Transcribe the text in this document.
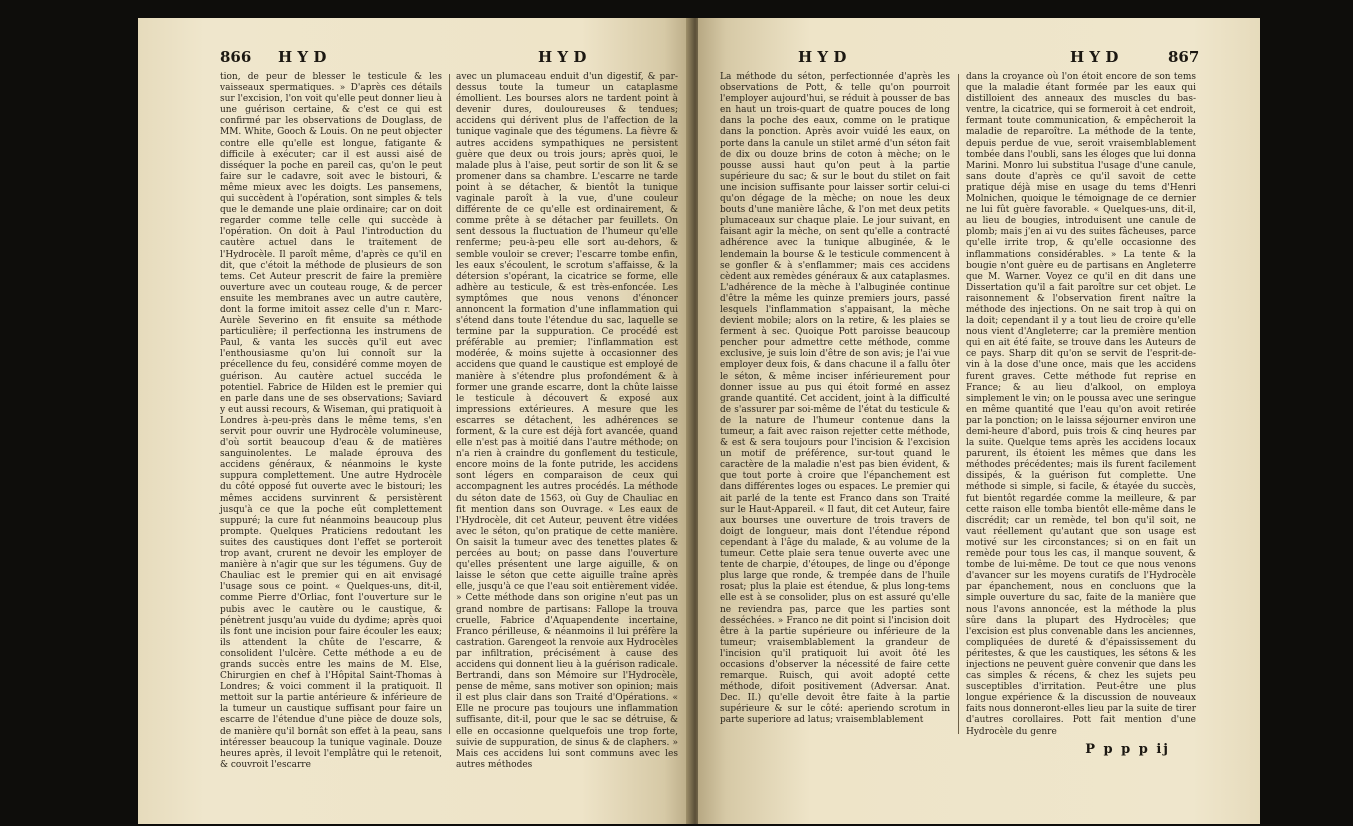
866 H Y D	H Y D
tion, de peur de blesser le testicule & les vaisseaux spermatiques. » D'après ces détails sur l'excision, l'on voit qu'elle peut donner lieu à une guérison certaine, & c'est ce qui est confirmé par les observations de Douglass, de MM. White, Gooch & Louis. On ne peut objecter contre elle qu'elle est longue, fatigante & difficile à exécuter; car il est aussi aisé de disséquer la poche en pareil cas, qu'on le peut faire sur le cadavre, soit avec le bistouri, & même mieux avec les doigts. Les pansemens, qui succèdent à l'opération, sont simples & tels que le demande une plaie ordinaire; car on doit regarder comme telle celle qui succède à l'opération. On doit à Paul l'introduction du cautère actuel dans le traitement de l'Hydrocèle. Il paroît même, d'après ce qu'il en dit, que c'étoit la méthode de plusieurs de son tems. Cet Auteur prescrit de faire la première ouverture avec un couteau rouge, & de percer ensuite les membranes avec un autre cautère, dont la forme imitoit assez celle d'un r. Marc-Aurèle Severino en fit ensuite sa méthode particulière; il perfectionna les instrumens de Paul, & vanta les succès qu'il eut avec l'enthousiasme qu'on lui connoît sur la précellence du feu, considéré comme moyen de guérison. Au cautère actuel succéda le potentiel. Fabrice de Hilden est le premier qui en parle dans une de ses observations; Saviard y eut aussi recours, & Wiseman, qui pratiquoit à Londres à-peu-près dans le même tems, s'en servit pour ouvrir une Hydrocèle volumineuse, d'où sortit beaucoup d'eau & de matières sanguinolentes. Le malade éprouva des accidens généraux, & néanmoins le kyste suppura complettement. Une autre Hydrocèle du côté opposé fut ouverte avec le bistouri; les mêmes accidens survinrent & persistèrent jusqu'à ce que la poche eût complettement suppuré; la cure fut néanmoins beaucoup plus prompte. Quelques Praticiens redoutant les suites des caustiques dont l'effet se porteroit trop avant, crurent ne devoir les employer de manière à n'agir que sur les tégumens. Guy de Chauliac est le premier qui en ait envisagé l'usage sous ce point. « Quelques-uns, dit-il, comme Pierre d'Orliac, font l'ouverture sur le pubis avec le cautère ou le caustique, & pénètrent jusqu'au vuide du dydime; après quoi ils font une incision pour faire écouler les eaux; ils attendent la chûte de l'escarre, & consolident l'ulcère. Cette méthode a eu de grands succès entre les mains de M. Else, Chirurgien en chef à l'Hôpital Saint-Thomas à Londres; & voici comment il la pratiquoit. Il mettoit sur la partie antérieure & inférieure de la tumeur un caustique suffisant pour faire un escarre de l'étendue d'une pièce de douze sols, de manière qu'il bornât son effet à la peau, sans intéresser beaucoup la tunique vaginale. Douze heures après, il levoit l'emplâtre qui le retenoit, & couvroit l'escarre
avec un plumaceau enduit d'un digestif, & par-dessus toute la tumeur un cataplasme émollient. Les bourses alors ne tardent point à devenir dures, douloureuses & tendues; accidens qui dérivent plus de l'affection de la tunique vaginale que des tégumens. La fièvre & autres accidens sympathiques ne persistent guère que deux ou trois jours; après quoi, le malade plus à l'aise, peut sortir de son lit & se promener dans sa chambre. L'escarre ne tarde point à se détacher, & bientôt la tunique vaginale paroît à la vue, d'une couleur différente de ce qu'elle est ordinairement, & comme prête à se détacher par feuillets. On sent dessous la fluctuation de l'humeur qu'elle renferme; peu-à-peu elle sort au-dehors, & semble vouloir se crever; l'escarre tombe enfin, les eaux s'écoulent, le scrotum s'affaisse, & la détersion s'opérant, la cicatrice se forme, elle adhère au testicule, & est très-enfoncée. Les symptômes que nous venons d'énoncer annoncent la formation d'une inflammation qui s'étend dans toute l'étendue du sac, laquelle se termine par la suppuration. Ce procédé est préférable au premier; l'inflammation est modérée, & moins sujette à occasionner des accidens que quand le caustique est employé de manière à s'étendre plus profondément & à former une grande escarre, dont la chûte laisse le testicule à découvert & exposé aux impressions extérieures. A mesure que les escarres se détachent, les adhérences se forment, & la cure est déjà fort avancée, quand elle n'est pas à moitié dans l'autre méthode; on n'a rien à craindre du gonflement du testicule, encore moins de la fonte putride, les accidens sont légers en comparaison de ceux qui accompagnent les autres procédés. La méthode du séton date de 1563, où Guy de Chauliac en fit mention dans son Ouvrage. « Les eaux de l'Hydrocèle, dit cet Auteur, peuvent être vidées avec le séton, qu'on pratique de cette manière. On saisit la tumeur avec des tenettes plates & percées au bout; on passe dans l'ouverture qu'elles présentent une large aiguille, & on laisse le séton que cette aiguille traîne après elle, jusqu'à ce que l'eau soit entièrement vidée. » Cette méthode dans son origine n'eut pas un grand nombre de partisans: Fallope la trouva cruelle, Fabrice d'Aquapendente incertaine, Franco périlleuse, & néanmoins il lui préfère la castration. Garengeot la renvoie aux Hydrocèles par infiltration, précisément à cause des accidens qui donnent lieu à la guérison radicale. Bertrandi, dans son Mémoire sur l'Hydrocèle, pense de même, sans motiver son opinion; mais il est plus clair dans son Traité d'Opérations. « Elle ne procure pas toujours une inflammation suffisante, dit-il, pour que le sac se détruise, & elle en occasionne quelquefois une trop forte, suivie de suppuration, de sinus & de claphers. » Mais ces accidens lui sont communs avec les autres méthodes
H Y D	H Y D	867
La méthode du séton, perfectionnée d'après les observations de Pott, & telle qu'on pourroit l'employer aujourd'hui, se réduit à pousser de bas en haut un trois-quart de quatre pouces de long dans la poche des eaux, comme on le pratique dans la ponction. Après avoir vuidé les eaux, on porte dans la canule un stilet armé d'un séton fait de dix ou douze brins de coton à mèche; on le pousse aussi haut qu'on peut à la partie supérieure du sac; & sur le bout du stilet on fait une incision suffisante pour laisser sortir celui-ci qu'on dégage de la mèche; on noue les deux bouts d'une manière lâche, & l'on met deux petits plumaceaux sur chaque plaie. Le jour suivant, en faisant agir la mèche, on sent qu'elle a contracté adhérence avec la tunique albuginée, & le lendemain la bourse & le testicule commencent à se gonfler & à s'enflammer; mais ces accidens cèdent aux remèdes généraux & aux cataplasmes. L'adhérence de la mèche à l'albuginée continue d'être la même les quinze premiers jours, passé lesquels l'inflammation s'appaisant, la mèche devient mobile; alors on la retire, & les plaies se ferment à sec. Quoique Pott paroisse beaucoup pencher pour admettre cette méthode, comme exclusive, je suis loin d'être de son avis; je l'ai vue employer deux fois, & dans chacune il a fallu ôter le séton, & même inciser inférieurement pour donner issue au pus qui étoit formé en assez grande quantité. Cet accident, joint à la difficulté de s'assurer par soi-même de l'état du testicule & de la nature de l'humeur contenue dans la tumeur, a fait avec raison rejetter cette méthode, & est & sera toujours pour l'incision & l'excision un motif de préférence, sur-tout quand le caractère de la maladie n'est pas bien évident, & que tout porte à croire que l'épanchement est dans différentes loges ou espaces. Le premier qui ait parlé de la tente est Franco dans son Traité sur le Haut-Appareil. « Il faut, dit cet Auteur, faire aux bourses une ouverture de trois travers de doigt de longueur, mais dont l'étendue répond cependant à l'âge du malade, & au volume de la tumeur. Cette plaie sera tenue ouverte avec une tente de charpie, d'étoupes, de linge ou d'éponge plus large que ronde, & trempée dans de l'huile rosat; plus la plaie est étendue, & plus long-tems elle est à se consolider, plus on est assuré qu'elle ne reviendra pas, parce que les parties sont desséchées. » Franco ne dit point si l'incision doit être à la partie supérieure ou inférieure de la tumeur; vraisemblablement la grandeur de l'incision qu'il pratiquoit lui avoit ôté les occasions d'observer la nécessité de faire cette remarque. Ruisch, qui avoit adopté cette méthode, difoit positivement (Adversar. Anat. Dec. II.) qu'elle devoit être faite à la partie supérieure & sur le côté: aperiendo scrotum in parte superiore ad latus; vraisemblablement
dans la croyance où l'on étoit encore de son tems que la maladie étant formée par les eaux qui distilloient des anneaux des muscles du bas-ventre, la cicatrice, qui se formeroit à cet endroit, fermant toute communication, & empêcheroit la maladie de reparoître. La méthode de la tente, depuis perdue de vue, seroit vraisemblablement tombée dans l'oubli, sans les éloges que lui donna Marini. Monro lui substitua l'usage d'une canule, sans doute d'après ce qu'il savoit de cette pratique déjà mise en usage du tems d'Henri Molnichen, quoique le témoignage de ce dernier ne lui fût guère favorable. « Quelques-uns, dit-il, au lieu de bougies, introduisent une canule de plomb; mais j'en ai vu des suites fâcheuses, parce qu'elle irrite trop, & qu'elle occasionne des inflammations considérables. » La tente & la bougie n'ont guère eu de partisans en Angleterre que M. Warner. Voyez ce qu'il en dit dans une Dissertation qu'il a fait paroître sur cet objet. Le raisonnement & l'observation firent naître la méthode des injections. On ne sait trop à qui on la doit; cependant il y a tout lieu de croire qu'elle nous vient d'Angleterre; car la première mention qui en ait été faite, se trouve dans les Auteurs de ce pays. Sharp dit qu'on se servit de l'esprit-de-vin à la dose d'une once, mais que les accidens furent graves. Cette méthode fut reprise en France; & au lieu d'alkool, on employa simplement le vin; on le poussa avec une seringue en même quantité que l'eau qu'on avoit retirée par la ponction; on le laissa séjourner environ une demi-heure d'abord, puis trois & cinq heures par la suite. Quelque tems après les accidens locaux parurent, ils étoient les mêmes que dans les méthodes précédentes; mais ils furent facilement dissipés, & la guérison fut complette. Une méthode si simple, si facile, & étayée du succès, fut bientôt regardée comme la meilleure, & par cette raison elle tomba bientôt elle-même dans le discrédit; car un remède, tel bon qu'il soit, ne vaut réellement qu'autant que son usage est motivé sur les circonstances; si on en fait un remède pour tous les cas, il manque souvent, & tombe de lui-même. De tout ce que nous venons d'avancer sur les moyens curatifs de l'Hydrocèle par épanchement, nous en concluons que la simple ouverture du sac, faite de la manière que nous l'avons annoncée, est la méthode la plus sûre dans la plupart des Hydrocèles; que l'excision est plus convenable dans les anciennes, compliquées de dureté & d'épaississement du péritestes, & que les caustiques, les sétons & les injections ne peuvent guère convenir que dans les cas simples & récens, & chez les sujets peu susceptibles d'irritation. Peut-être une plus longue expérience & la discussion de nouveaux faits nous donneront-elles lieu par la suite de tirer d'autres corollaires. Pott fait mention d'une Hydrocèle du genre
P p p p ij
